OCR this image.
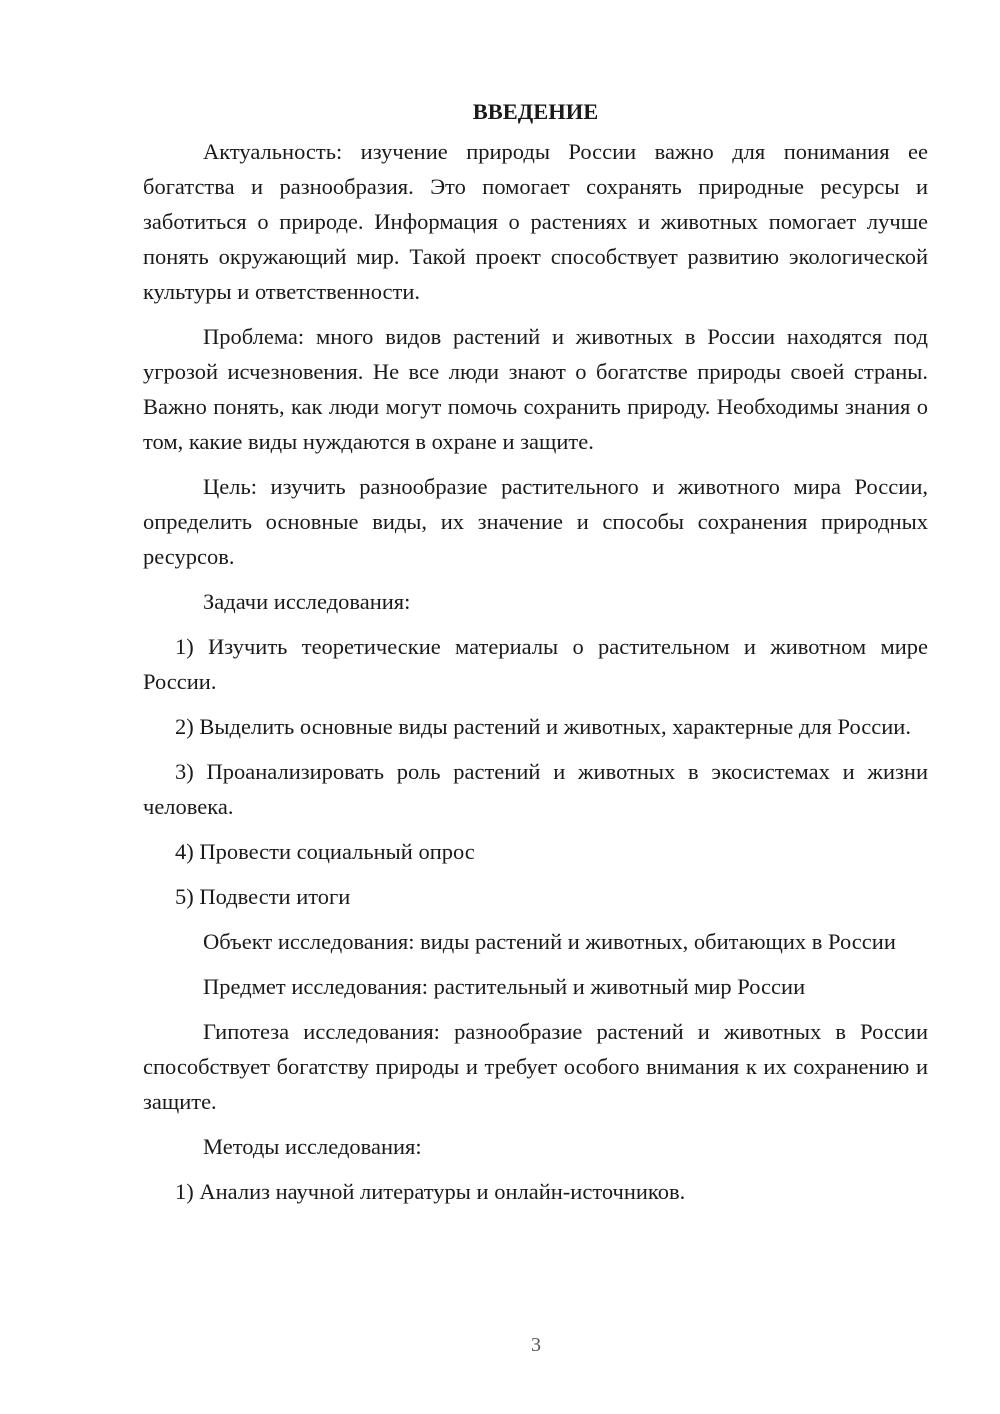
ВВЕДЕНИЕ

Актуальность: изучение природы России важно для понимания ее богатства и разнообразия. Это помогает сохранять природные ресурсы и заботиться о природе. Информация о растениях и животных помогает лучше понять окружающий мир. Такой проект способствует развитию экологической культуры и ответственности.

Проблема: много видов растений и животных в России находятся под угрозой исчезновения. Не все люди знают о богатстве природы своей страны. Важно понять, как люди могут помочь сохранить природу. Необходимы знания о том, какие виды нуждаются в охране и защите.

Цель: изучить разнообразие растительного и животного мира России, определить основные виды, их значение и способы сохранения природных ресурсов.

Задачи исследования:

1) Изучить теоретические материалы о растительном и животном мире России.

2) Выделить основные виды растений и животных, характерные для России.

3) Проанализировать роль растений и животных в экосистемах и жизни человека.

4) Провести социальный опрос

5) Подвести итоги

Объект исследования: виды растений и животных, обитающих в России

Предмет исследования: растительный и животный мир России

Гипотеза исследования: разнообразие растений и животных в России способствует богатству природы и требует особого внимания к их сохранению и защите.

Методы исследования:

1) Анализ научной литературы и онлайн-источников.

3
